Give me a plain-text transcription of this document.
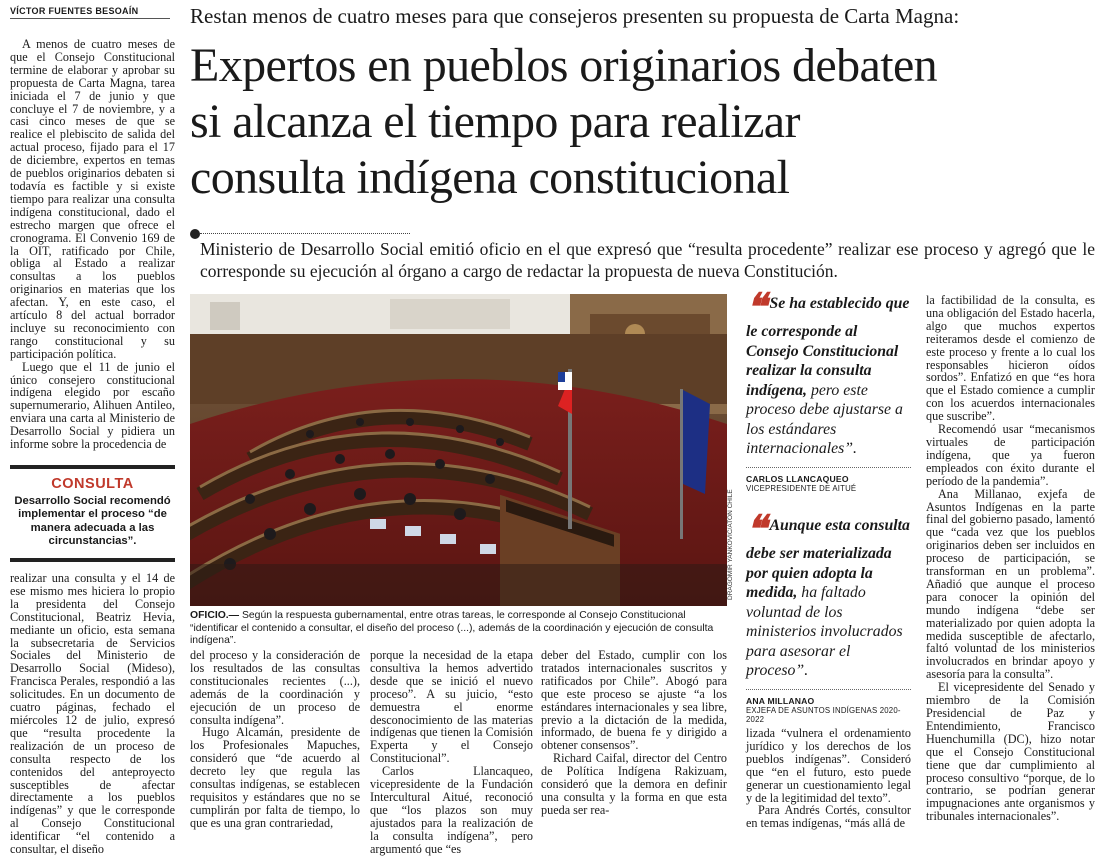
VÍCTOR FUENTES BESOAÍN

A menos de cuatro meses de que el Consejo Constitucional termine de elaborar y aprobar su propuesta de Carta Magna, tarea iniciada el 7 de junio y que concluye el 7 de noviembre, y a casi cinco meses de que se realice el plebiscito de salida del actual proceso, fijado para el 17 de diciembre, expertos en temas de pueblos originarios debaten si todavía es factible y si existe tiempo para realizar una consulta indígena constitucional, dado el estrecho margen que ofrece el cronograma. El Convenio 169 de la OIT, ratificado por Chile, obliga al Estado a realizar consultas a los pueblos originarios en materias que los afectan. Y, en este caso, el artículo 8 del actual borrador incluye su reconocimiento con rango constitucional y su participación política.

Luego que el 11 de junio el único consejero constitucional indígena elegido por escaño supernumerario, Alihuen Antileo, enviara una carta al Ministerio de Desarrollo Social y pidiera un informe sobre la procedencia de

CONSULTA
Desarrollo Social recomendó implementar el proceso “de manera adecuada a las circunstancias”.

realizar una consulta y el 14 de ese mismo mes hiciera lo propio la presidenta del Consejo Constitucional, Beatriz Hevia, mediante un oficio, esta semana la subsecretaria de Servicios Sociales del Ministerio de Desarrollo Social (Mideso), Francisca Perales, respondió a las solicitudes. En un documento de cuatro páginas, fechado el miércoles 12 de julio, expresó que “resulta procedente la realización de un proceso de consulta respecto de los contenidos del anteproyecto susceptibles de afectar directamente a los pueblos indígenas” y que le corresponde al Consejo Constitucional identificar “el contenido a consultar, el diseño

Restan menos de cuatro meses para que consejeros presenten su propuesta de Carta Magna:
Expertos en pueblos originarios debaten
si alcanza el tiempo para realizar
consulta indígena constitucional
Ministerio de Desarrollo Social emitió oficio en el que expresó que “resulta procedente” realizar ese proceso y agregó que le corresponde su ejecución al órgano a cargo de redactar la propuesta de nueva Constitución.
DRAGOMIR YANKOVIC/ATON CHILE
OFICIO.— Según la respuesta gubernamental, entre otras tareas, le corresponde al Consejo Constitucional “identificar el contenido a consultar, el diseño del proceso (...), además de la coordinación y ejecución de consulta indígena”.

del proceso y la consideración de los resultados de las consultas constitucionales recientes (...), además de la coordinación y ejecución de un proceso de consulta indígena”.

Hugo Alcamán, presidente de los Profesionales Mapuches, consideró que “de acuerdo al decreto ley que regula las consultas indígenas, se establecen requisitos y estándares que no se cumplirán por falta de tiempo, lo que es una gran contrariedad,

porque la necesidad de la etapa consultiva la hemos advertido desde que se inició el nuevo proceso”. A su juicio, “esto demuestra el enorme desconocimiento de las materias indígenas que tienen la Comisión Experta y el Consejo Constitucional”.

Carlos Llancaqueo, vicepresidente de la Fundación Intercultural Aitué, reconoció que “los plazos son muy ajustados para la realización de la consulta indígena”, pero argumentó que “es

deber del Estado, cumplir con los tratados internacionales suscritos y ratificados por Chile”. Abogó para que este proceso se ajuste “a los estándares internacionales y sea libre, previo a la dictación de la medida, informado, de buena fe y dirigido a obtener consensos”.

Richard Caifal, director del Centro de Política Indígena Rakizuam, consideró que la demora en definir una consulta y la forma en que esta pueda ser rea-

❝ Se ha establecido que le corresponde al Consejo Constitucional realizar la consulta indígena, pero este proceso debe ajustarse a los estándares internacionales”.
CARLOS LLANCAQUEO
VICEPRESIDENTE DE AITUÉ
❝ Aunque esta consulta debe ser materializada por quien adopta la medida, ha faltado voluntad de los ministerios involucrados para asesorar el proceso”.
ANA MILLANAO
EXJEFA DE ASUNTOS INDÍGENAS 2020-2022

lizada “vulnera el ordenamiento jurídico y los derechos de los pueblos indígenas”. Consideró que “en el futuro, esto puede generar un cuestionamiento legal y de la legitimidad del texto”.

Para Andrés Cortés, consultor en temas indígenas, “más allá de

la factibilidad de la consulta, es una obligación del Estado hacerla, algo que muchos expertos reiteramos desde el comienzo de este proceso y frente a lo cual los responsables hicieron oídos sordos”. Enfatizó en que “es hora que el Estado comience a cumplir con los acuerdos internacionales que suscribe”.

Recomendó usar “mecanismos virtuales de participación indígena, que ya fueron empleados con éxito durante el período de la pandemia”.

Ana Millanao, exjefa de Asuntos Indígenas en la parte final del gobierno pasado, lamentó que “cada vez que los pueblos originarios deben ser incluidos en proceso de participación, se transforman en un problema”. Añadió que aunque el proceso para conocer la opinión del mundo indígena “debe ser materializado por quien adopta la medida susceptible de afectarlo, faltó voluntad de los ministerios involucrados en brindar apoyo y asesoría para la consulta”.

El vicepresidente del Senado y miembro de la Comisión Presidencial de Paz y Entendimiento, Francisco Huenchumilla (DC), hizo notar que el Consejo Constitucional tiene que dar cumplimiento al proceso consultivo “porque, de lo contrario, se podrían generar impugnaciones ante organismos y tribunales internacionales”.
